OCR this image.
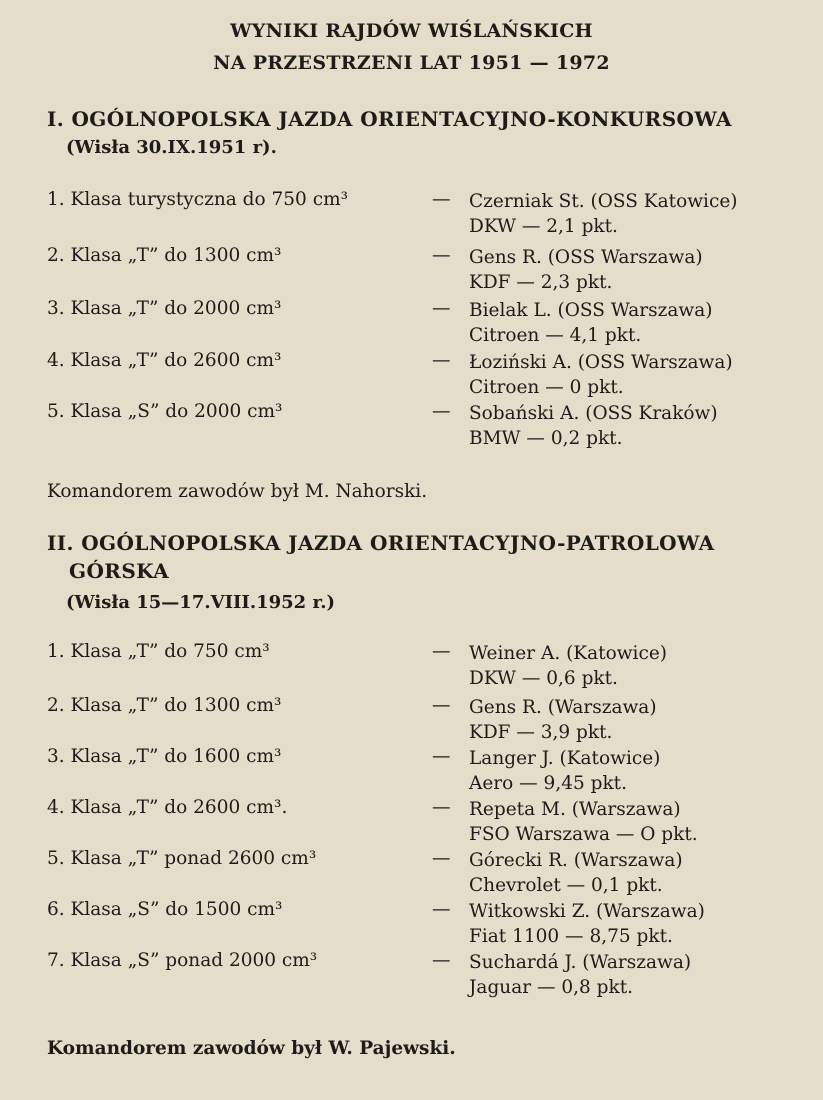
WYNIKI RAJDÓW WIŚLAŃSKICH
NA PRZESTRZENI LAT 1951 — 1972
I. OGÓLNOPOLSKA JAZDA ORIENTACYJNO-KONKURSOWA
(Wisła 30.IX.1951 r).
1. Klasa turystyczna do 750 cm³	— Czerniak St. (OSS Katowice)
DKW — 2,1 pkt.
2. Klasa „T” do 1300 cm³	— Gens R. (OSS Warszawa)
KDF — 2,3 pkt.
3. Klasa „T” do 2000 cm³	— Bielak L. (OSS Warszawa)
Citroen — 4,1 pkt.
4. Klasa „T” do 2600 cm³	— Łoziński A. (OSS Warszawa)
Citroen — 0 pkt.
5. Klasa „S” do 2000 cm³	— Sobański A. (OSS Kraków)
BMW — 0,2 pkt.
Komandorem zawodów był M. Nahorski.
II. OGÓLNOPOLSKA JAZDA ORIENTACYJNO-PATROLOWA
GÓRSKA
(Wisła 15—17.VIII.1952 r.)
1. Klasa „T” do 750 cm³	— Weiner A. (Katowice)
DKW — 0,6 pkt.
2. Klasa „T” do 1300 cm³	— Gens R. (Warszawa)
KDF — 3,9 pkt.
3. Klasa „T” do 1600 cm³	— Langer J. (Katowice)
Aero — 9,45 pkt.
4. Klasa „T” do 2600 cm³.	— Repeta M. (Warszawa)
FSO Warszawa — O pkt.
5. Klasa „T” ponad 2600 cm³	— Górecki R. (Warszawa)
Chevrolet — 0,1 pkt.
6. Klasa „S” do 1500 cm³	— Witkowski Z. (Warszawa)
Fiat 1100 — 8,75 pkt.
7. Klasa „S” ponad 2000 cm³	— Suchardá J. (Warszawa)
Jaguar — 0,8 pkt.
Komandorem zawodów był W. Pajewski.
